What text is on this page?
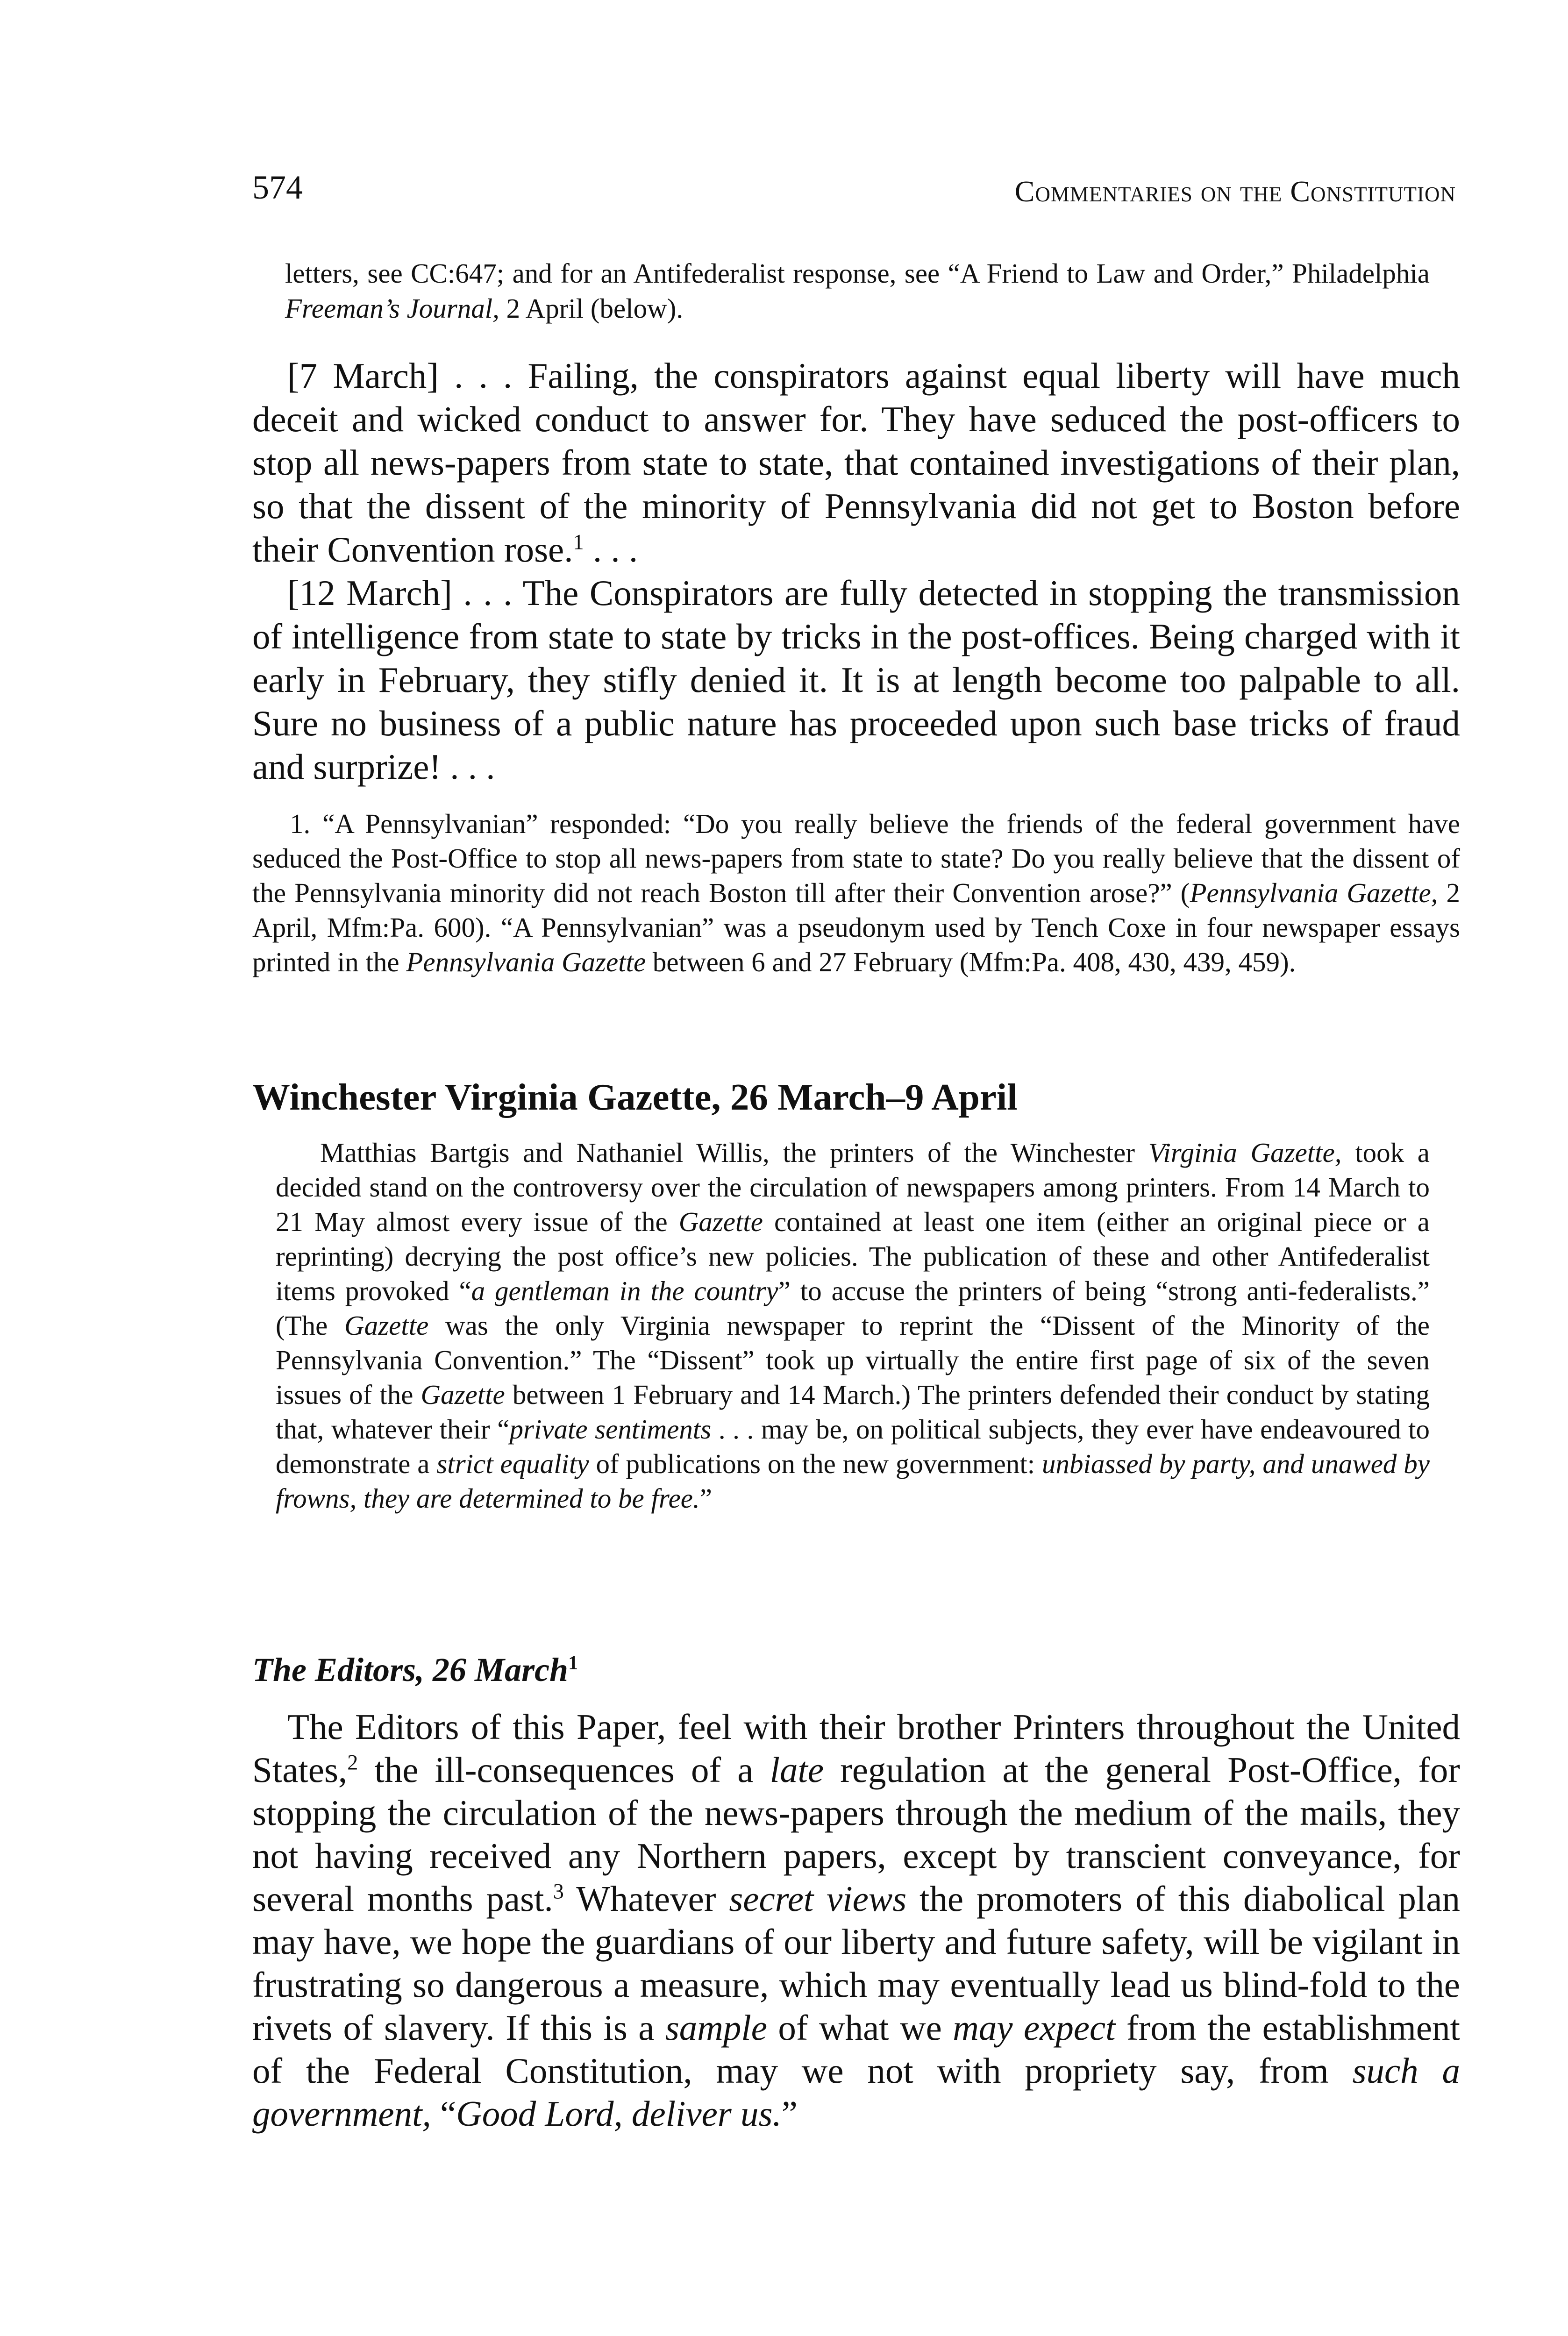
574	Commentaries on the Constitution

letters, see CC:647; and for an Antifederalist response, see “A Friend to Law and Order,” Philadelphia Freeman’s Journal, 2 April (below).

[7 March] . . . Failing, the conspirators against equal liberty will have much deceit and wicked conduct to answer for. They have seduced the post-officers to stop all news-papers from state to state, that contained investigations of their plan, so that the dissent of the minority of Pennsylvania did not get to Boston before their Convention rose.$^1$ . . .

[12 March] . . . The Conspirators are fully detected in stopping the transmission of intelligence from state to state by tricks in the post-offices. Being charged with it early in February, they stifly denied it. It is at length become too palpable to all. Sure no business of a public nature has proceeded upon such base tricks of fraud and surprize! . . .

1. “A Pennsylvanian” responded: “Do you really believe the friends of the federal government have seduced the Post-Office to stop all news-papers from state to state? Do you really believe that the dissent of the Pennsylvania minority did not reach Boston till after their Convention arose?” (Pennsylvania Gazette, 2 April, Mfm:Pa. 600). “A Pennsylvanian” was a pseudonym used by Tench Coxe in four newspaper essays printed in the Pennsylvania Gazette between 6 and 27 February (Mfm:Pa. 408, 430, 439, 459).

Winchester Virginia Gazette, 26 March–9 April

Matthias Bartgis and Nathaniel Willis, the printers of the Winchester Virginia Gazette, took a decided stand on the controversy over the circulation of newspapers among printers. From 14 March to 21 May almost every issue of the Gazette contained at least one item (either an original piece or a reprinting) decrying the post office’s new policies. The publication of these and other Antifederalist items provoked “a gentleman in the country” to accuse the printers of being “strong anti-federalists.” (The Gazette was the only Virginia newspaper to reprint the “Dissent of the Minority of the Pennsylvania Convention.” The “Dissent” took up virtually the entire first page of six of the seven issues of the Gazette between 1 February and 14 March.) The printers defended their conduct by stating that, whatever their “private sentiments . . . may be, on political subjects, they ever have endeavoured to demonstrate a strict equality of publications on the new government: unbiassed by party, and unawed by frowns, they are determined to be free.”

The Editors, 26 March$^1$

The Editors of this Paper, feel with their brother Printers throughout the United States,$^2$ the ill-consequences of a late regulation at the general Post-Office, for stopping the circulation of the news-papers through the medium of the mails, they not having received any Northern papers, except by transcient conveyance, for several months past.$^3$ Whatever secret views the promoters of this diabolical plan may have, we hope the guardians of our liberty and future safety, will be vigilant in frustrating so dangerous a measure, which may eventually lead us blind-fold to the rivets of slavery. If this is a sample of what we may expect from the establishment of the Federal Constitution, may we not with propriety say, from such a government, “Good Lord, deliver us.”
